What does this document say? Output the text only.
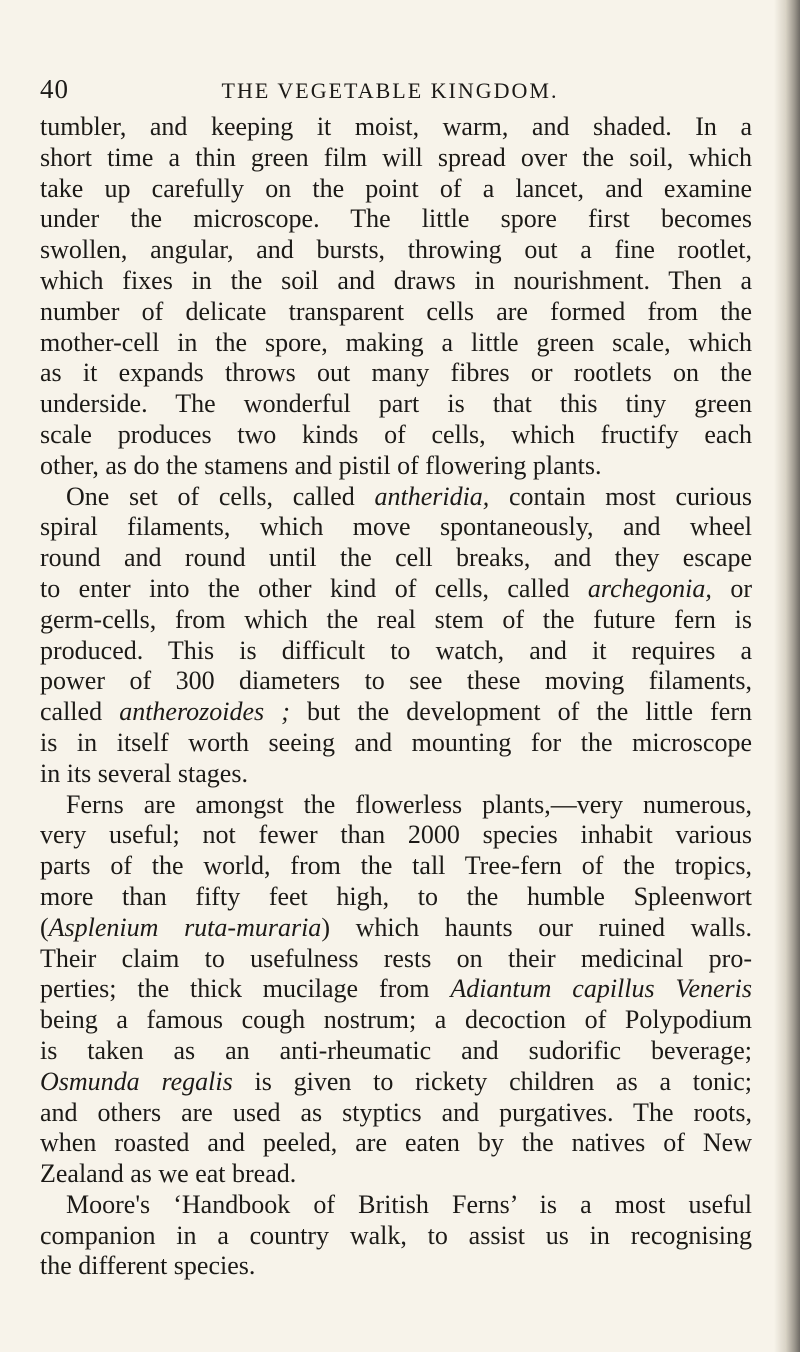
40	THE VEGETABLE KINGDOM.
tumbler, and keeping it moist, warm, and shaded. In a
short time a thin green film will spread over the soil, which
take up carefully on the point of a lancet, and examine
under the microscope. The little spore first becomes
swollen, angular, and bursts, throwing out a fine rootlet,
which fixes in the soil and draws in nourishment. Then a
number of delicate transparent cells are formed from the
mother-cell in the spore, making a little green scale, which
as it expands throws out many fibres or rootlets on the
underside. The wonderful part is that this tiny green
scale produces two kinds of cells, which fructify each
other, as do the stamens and pistil of flowering plants.
One set of cells, called antheridia, contain most curious
spiral filaments, which move spontaneously, and wheel
round and round until the cell breaks, and they escape
to enter into the other kind of cells, called archegonia, or
germ-cells, from which the real stem of the future fern is
produced. This is difficult to watch, and it requires a
power of 300 diameters to see these moving filaments,
called antherozoides ; but the development of the little fern
is in itself worth seeing and mounting for the microscope
in its several stages.
Ferns are amongst the flowerless plants,—very numerous,
very useful; not fewer than 2000 species inhabit various
parts of the world, from the tall Tree-fern of the tropics,
more than fifty feet high, to the humble Spleenwort
(Asplenium ruta-muraria) which haunts our ruined walls.
Their claim to usefulness rests on their medicinal pro-
perties; the thick mucilage from Adiantum capillus Veneris
being a famous cough nostrum; a decoction of Polypodium
is taken as an anti-rheumatic and sudorific beverage;
Osmunda regalis is given to rickety children as a tonic;
and others are used as styptics and purgatives. The roots,
when roasted and peeled, are eaten by the natives of New
Zealand as we eat bread.
Moore's ‘Handbook of British Ferns’ is a most useful
companion in a country walk, to assist us in recognising
the different species.
